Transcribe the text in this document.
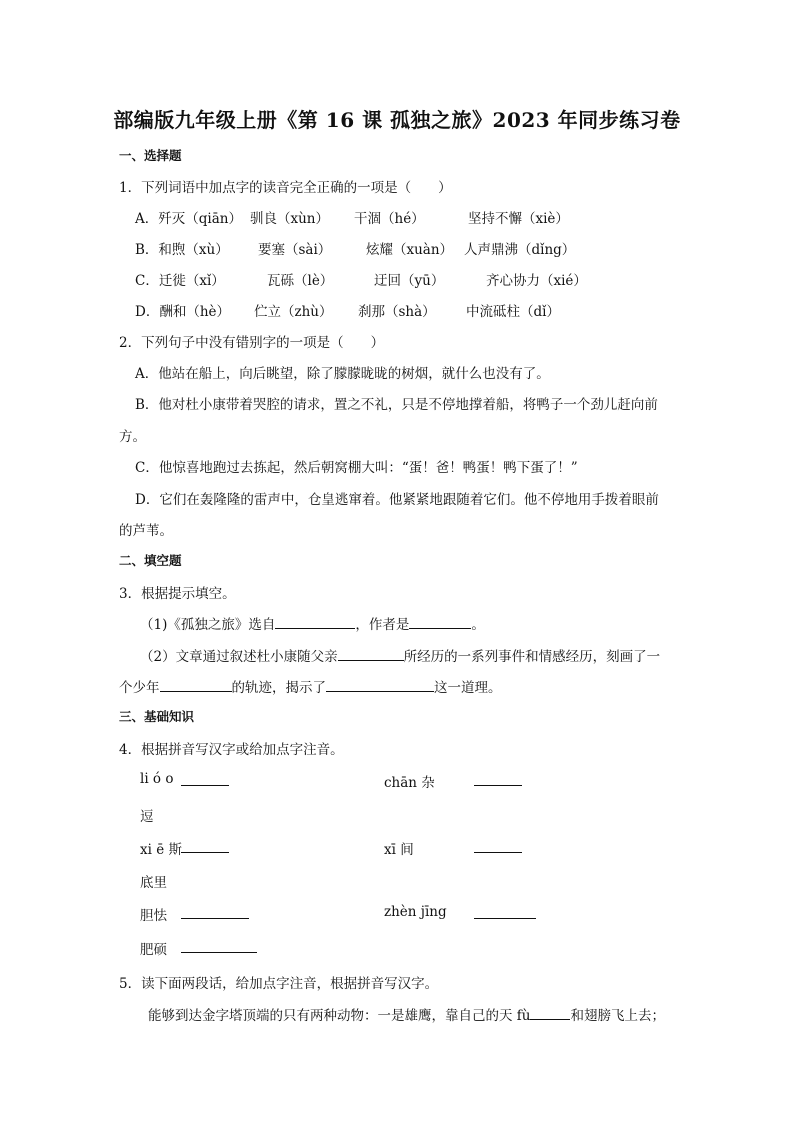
部编版九年级上册《第 16 课 孤独之旅》2023 年同步练习卷
一、选择题
1．下列词语中加点字的读音完全正确的一项是（　　）
A．歼灭（qiān） 驯良（xùn） 干涸（hé）	坚持不懈（xiè）
B．和煦（xù） 要塞（sài）	炫耀（xuàn） 人声鼎沸（dǐng）
C．迁徙（xǐ）	瓦砾（lè）	迂回（yū）	齐心协力（xié）
D．酬和（hè） 伫立（zhù） 刹那（shà） 中流砥柱（dǐ）
2．下列句子中没有错别字的一项是（　　）
A．他站在船上，向后眺望，除了朦朦昽昽的树烟，就什么也没有了。
B．他对杜小康带着哭腔的请求，置之不礼，只是不停地撑着船，将鸭子一个劲儿赶向前
方。
C．他惊喜地跑过去拣起，然后朝窝棚大叫：“蛋！爸！鸭蛋！鸭下蛋了！”
D．它们在轰隆隆的雷声中，仓皇逃窜着。他紧紧地跟随着它们。他不停地用手拨着眼前
的芦苇。
二、填空题
3．根据提示填空。
（1)《孤独之旅》选自	，作者是	。
（2）文章通过叙述杜小康随父亲	所经历的一系列事件和情感经历，刻画了一
个少年	的轨迹，揭示了	这一道理。
三、基础知识
4．根据拼音写汉字或给加点字注音。
li ó o	chān 杂
逗
xi ē 斯	xī 间
底里
胆怯	zhèn jīng
肥硕
5．读下面两段话，给加点字注音，根据拼音写汉字。
能够到达金字塔顶端的只有两种动物：一是雄鹰，靠自己的天 fù	和翅膀飞上去；
